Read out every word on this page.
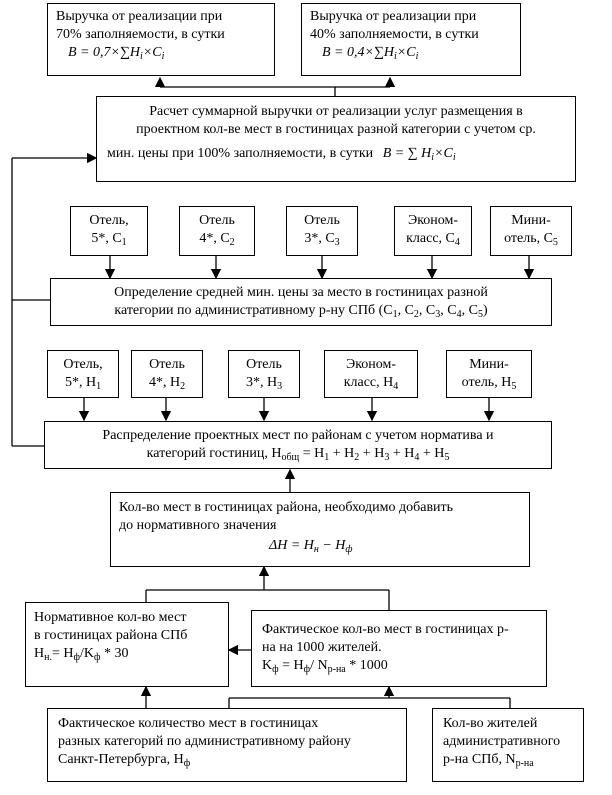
Выручка от реализации при
70% заполняемости, в сутки
$B = 0,7\times\sum H_i\times C_i$
Выручка от реализации при
40% заполняемости, в сутки
$B = 0,4\times\sum H_i\times C_i$
Расчет суммарной выручки от реализации услуг размещения в
проектном кол-ве мест в гостиницах разной категории с учетом ср.
мин. цены при 100% заполняемости, в сутки B = ∑ $H_i\times C_i$
Отель,
5*, $C_1$
Отель
4*, $C_2$
Отель
3*, $C_3$
Эконом-
класс, $C_4$
Мини-
отель, $C_5$
Определение средней мин. цены за место в гостиницах разной
категории по административному р-ну СПб ($C_1$, $C_2$, $C_3$, $C_4$, $C_5$)
Отель,
5*, $H_1$
Отель
4*, $H_2$
Отель
3*, $H_3$
Эконом-
класс, $H_4$
Мини-
отель, $H_5$
Распределение проектных мест по районам с учетом норматива и
категорий гостиниц, $H_{общ} = H_1 + H_2 + H_3 + H_4 + H_5$
Кол-во мест в гостиницах района, необходимо добавить
до нормативного значения
$\Delta H = H_н - H_ф$
Нормативное кол-во мест
в гостиницах района СПб
$H_{н.}= H_ф/K_ф * 30$
Фактическое кол-во мест в гостиницах р-
на на 1000 жителей.
$K_ф = H_ф/$ $N_{р-на} * 1000$
Фактическое количество мест в гостиницах
разных категорий по административному району
Санкт-Петербурга, $H_ф$
Кол-во жителей
административного
р-на СПб, $N_{р-на}$
